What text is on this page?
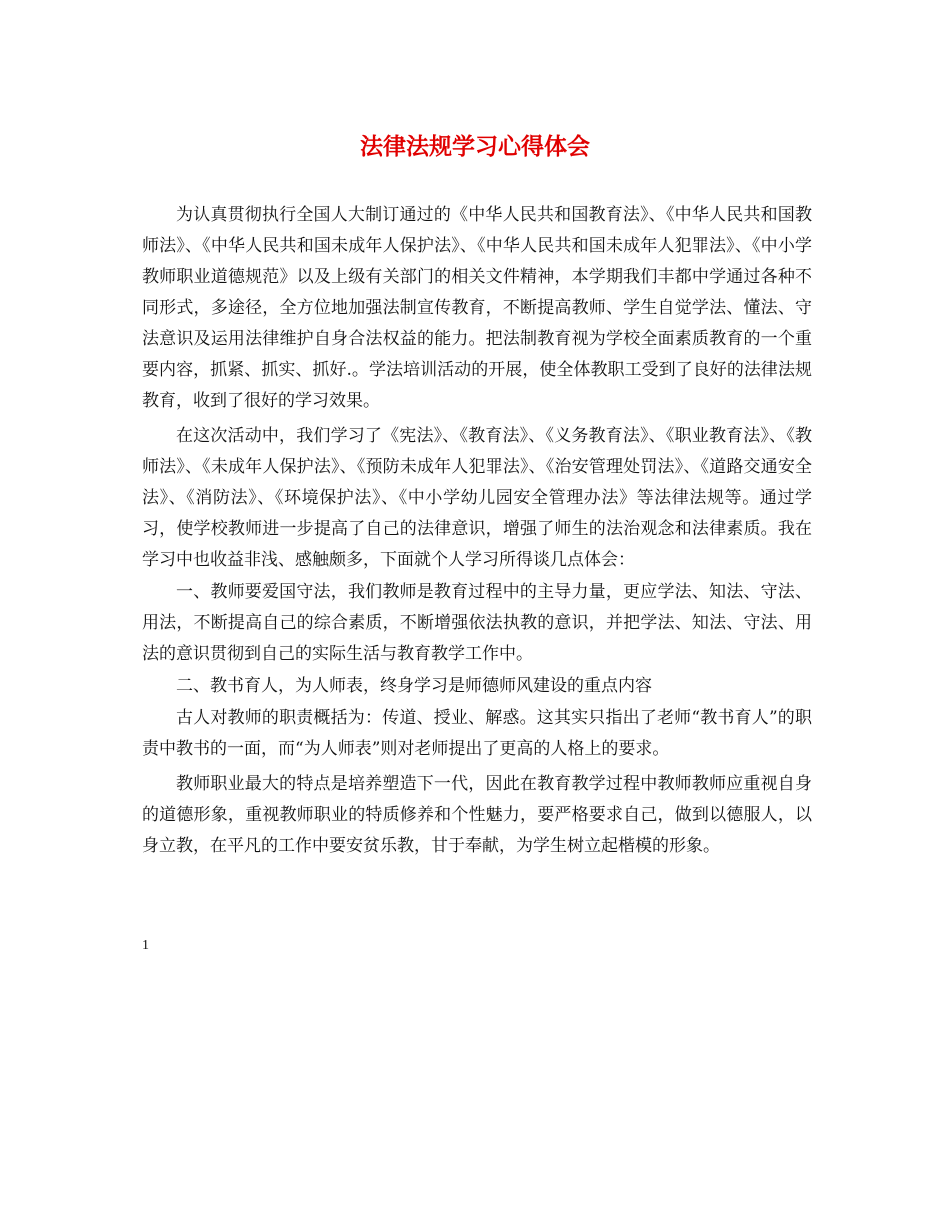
法律法规学习心得体会

为认真贯彻执行全国人大制订通过的《中华人民共和国教育法》、《中华人民共和国教师法》、《中华人民共和国未成年人保护法》、《中华人民共和国未成年人犯罪法》、《中小学教师职业道德规范》以及上级有关部门的相关文件精神，本学期我们丰都中学通过各种不同形式，多途径，全方位地加强法制宣传教育，不断提高教师、学生自觉学法、懂法、守法意识及运用法律维护自身合法权益的能力。把法制教育视为学校全面素质教育的一个重要内容，抓紧、抓实、抓好.。学法培训活动的开展，使全体教职工受到了良好的法律法规教育，收到了很好的学习效果。

在这次活动中，我们学习了《宪法》、《教育法》、《义务教育法》、《职业教育法》、《教师法》、《未成年人保护法》、《预防未成年人犯罪法》、《治安管理处罚法》、《道路交通安全法》、《消防法》、《环境保护法》、《中小学幼儿园安全管理办法》等法律法规等。通过学习，使学校教师进一步提高了自己的法律意识，增强了师生的法治观念和法律素质。我在学习中也收益非浅、感触颇多，下面就个人学习所得谈几点体会：

一、教师要爱国守法，我们教师是教育过程中的主导力量，更应学法、知法、守法、用法，不断提高自己的综合素质，不断增强依法执教的意识，并把学法、知法、守法、用法的意识贯彻到自己的实际生活与教育教学工作中。

二、教书育人，为人师表，终身学习是师德师风建设的重点内容

古人对教师的职责概括为：传道、授业、解惑。这其实只指出了老师“教书育人”的职责中教书的一面，而“为人师表”则对老师提出了更高的人格上的要求。

教师职业最大的特点是培养塑造下一代，因此在教育教学过程中教师教师应重视自身的道德形象，重视教师职业的特质修养和个性魅力，要严格要求自己，做到以德服人，以身立教，在平凡的工作中要安贫乐教，甘于奉献，为学生树立起楷模的形象。

1
